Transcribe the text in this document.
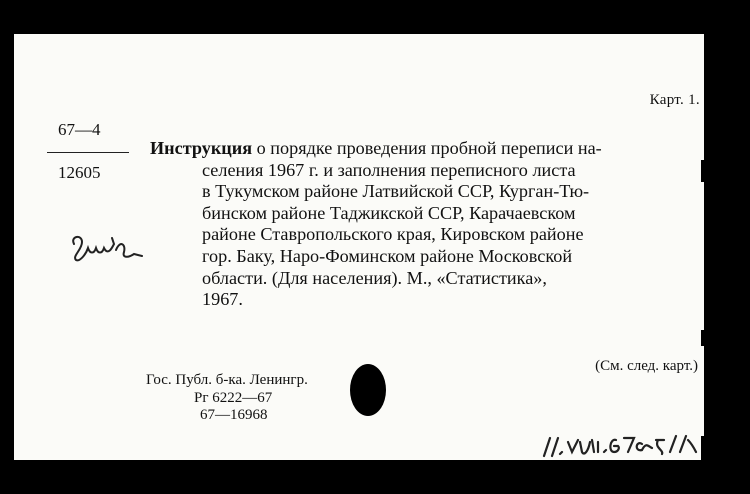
Карт. 1.
67—4
12605
Инструкция о порядке проведения пробной переписи на-
селения 1967 г. и заполнения переписного листа
в Тукумском районе Латвийской ССР, Курган-Тю-
бинском районе Таджикской ССР, Карачаевском
районе Ставропольского края, Кировском районе
гор. Баку, Наро-Фоминском районе Московской
области. (Для населения). М., «Статистика»,
1967.
(См. след. карт.)
Гос. Публ. б-ка. Ленингр.
Рг 6222—67
67—16968
